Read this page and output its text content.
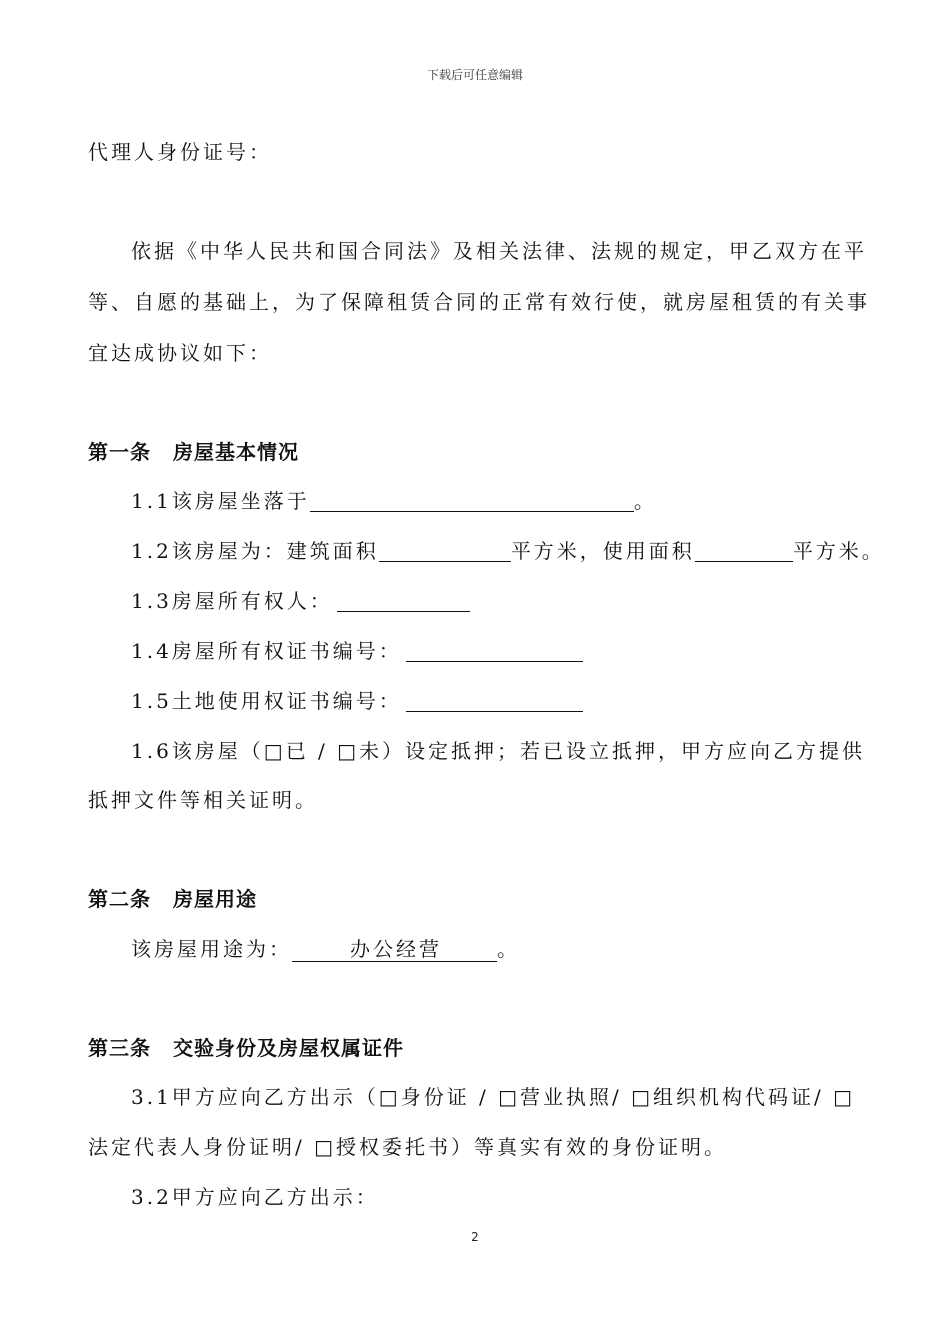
下载后可任意编辑
代理人身份证号：
依据《中华人民共和国合同法》及相关法律、法规的规定，甲乙双方在平
等、自愿的基础上，为了保障租赁合同的正常有效行使，就房屋租赁的有关事
宜达成协议如下：
第一条 房屋基本情况
1.1该房屋坐落于	。
1.2该房屋为：建筑面积	平方米，使用面积	平方米。
1.3房屋所有权人：
1.4房屋所有权证书编号：
1.5土地使用权证书编号：
1.6该房屋（□已 / □未）设定抵押；若已设立抵押，甲方应向乙方提供
抵押文件等相关证明。
第二条 房屋用途
该房屋用途为：	办公经营	。
第三条 交验身份及房屋权属证件
3.1甲方应向乙方出示（□身份证 / □营业执照/ □组织机构代码证/ □
法定代表人身份证明/ □授权委托书）等真实有效的身份证明。
3.2甲方应向乙方出示：
2
